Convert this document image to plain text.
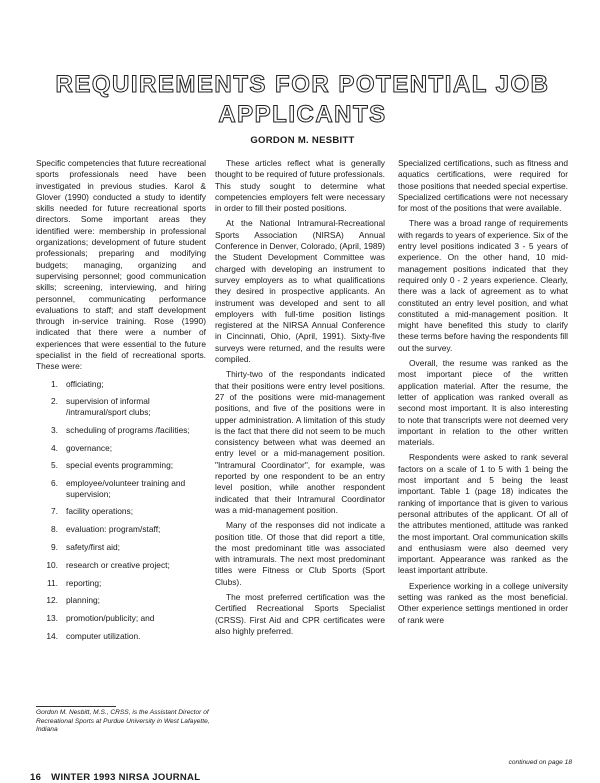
REQUIREMENTS FOR POTENTIAL JOB APPLICANTS
GORDON M. NESBITT

Specific competencies that future recreational sports professionals need have been investigated in previous studies. Karol & Glover (1990) conducted a study to identify skills needed for future recreational sports directors. Some important areas they identified were: membership in professional organizations; development of future student professionals; preparing and modifying budgets; managing, organizing and supervising personnel; good communication skills; screening, interviewing, and hiring personnel, communicating performance evaluations to staff; and staff development through in-service training. Rose (1990) indicated that there were a number of experiences that were essential to the future specialist in the field of recreational sports. These were:

1. officiating;
2. supervision of informal /intramural/sport clubs;
3. scheduling of programs /facilities;
4. governance;
5. special events programming;
6. employee/volunteer training and supervision;
7. facility operations;
8. evaluation: program/staff;
9. safety/first aid;
10. research or creative project;
11. reporting;
12. planning;
13. promotion/publicity; and
14. computer utilization.

These articles reflect what is generally thought to be required of future professionals. This study sought to determine what competencies employers felt were necessary in order to fill their posted positions.

At the National Intramural-Recreational Sports Association (NIRSA) Annual Conference in Denver, Colorado, (April, 1989) the Student Development Committee was charged with developing an instrument to survey employers as to what qualifications they desired in prospective applicants. An instrument was developed and sent to all employers with full-time position listings registered at the NIRSA Annual Conference in Cincinnati, Ohio, (April, 1991). Sixty-five surveys were returned, and the results were compiled.

Thirty-two of the respondants indicated that their positions were entry level positions. 27 of the positions were mid-management positions, and five of the positions were in upper administration. A limitation of this study is the fact that there did not seem to be much consistency between what was deemed an entry level or a mid-management position. "Intramural Coordinator", for example, was reported by one respondent to be an entry level position, while another respondent indicated that their Intramural Coordinator was a mid-management position.

Many of the responses did not indicate a position title. Of those that did report a title, the most predominant title was associated with intramurals. The next most predominant titles were Fitness or Club Sports (Sport Clubs).

The most preferred certification was the Certified Recreational Sports Specialist (CRSS). First Aid and CPR certificates were also highly preferred.

Specialized certifications, such as fitness and aquatics certifications, were required for those positions that needed special expertise. Specialized certifications were not necessary for most of the positions that were available.

There was a broad range of requirements with regards to years of experience. Six of the entry level positions indicated 3 - 5 years of experience. On the other hand, 10 mid-management positions indicated that they required only 0 - 2 years experience. Clearly, there was a lack of agreement as to what constituted an entry level position, and what constituted a mid-management position. It might have benefited this study to clarify these terms before having the respondents fill out the survey.

Overall, the resume was ranked as the most important piece of the written application material. After the resume, the letter of application was ranked overall as second most important. It is also interesting to note that transcripts were not deemed very important in relation to the other written materials.

Respondents were asked to rank several factors on a scale of 1 to 5 with 1 being the most important and 5 being the least important. Table 1 (page 18) indicates the ranking of importance that is given to various personal attributes of the applicant. Of all of the attributes mentioned, attitude was ranked the most important. Oral communication skills and enthusiasm were also deemed very important. Appearance was ranked as the least important attribute.

Experience working in a college university setting was ranked as the most beneficial. Other experience settings mentioned in order of rank were

Gordon M. Nesbitt, M.S., CRSS, is the Assistant Director of Recreational Sports at Purdue University in West Lafayette, Indiana
continued on page 18
16 WINTER 1993 NIRSA JOURNAL
